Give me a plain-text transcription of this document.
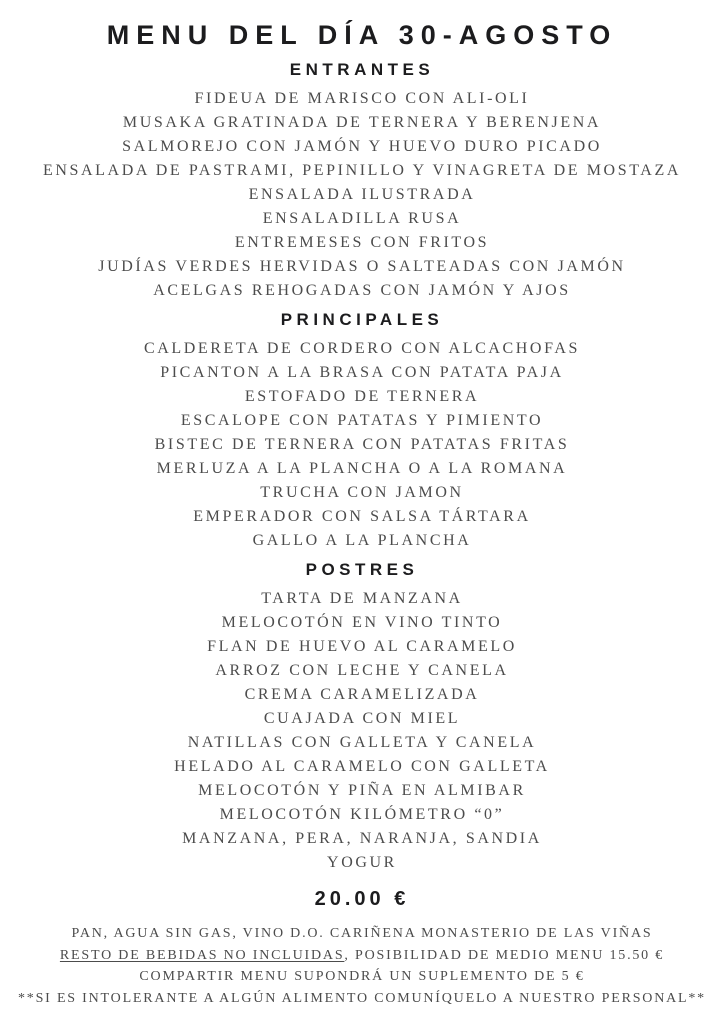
MENU DEL DÍA 30-AGOSTO
ENTRANTES
FIDEUA DE MARISCO CON ALI-OLI
MUSAKA GRATINADA DE TERNERA Y BERENJENA
SALMOREJO CON JAMÓN Y HUEVO DURO PICADO
ENSALADA DE PASTRAMI, PEPINILLO Y VINAGRETA DE MOSTAZA
ENSALADA ILUSTRADA
ENSALADILLA RUSA
ENTREMESES CON FRITOS
JUDÍAS VERDES HERVIDAS O SALTEADAS CON JAMÓN
ACELGAS REHOGADAS CON JAMÓN Y AJOS
PRINCIPALES
CALDERETA DE CORDERO CON ALCACHOFAS
PICANTON A LA BRASA CON PATATA PAJA
ESTOFADO DE TERNERA
ESCALOPE CON PATATAS Y PIMIENTO
BISTEC DE TERNERA CON PATATAS FRITAS
MERLUZA A LA PLANCHA O A LA ROMANA
TRUCHA CON JAMON
EMPERADOR CON SALSA TÁRTARA
GALLO A LA PLANCHA
POSTRES
TARTA DE MANZANA
MELOCOTÓN EN VINO TINTO
FLAN DE HUEVO AL CARAMELO
ARROZ CON LECHE Y CANELA
CREMA CARAMELIZADA
CUAJADA CON MIEL
NATILLAS CON GALLETA Y CANELA
HELADO AL CARAMELO CON GALLETA
MELOCOTÓN Y PIÑA EN ALMIBAR
MELOCOTÓN KILÓMETRO “0”
MANZANA, PERA, NARANJA, SANDIA
YOGUR
20.00 €
PAN, AGUA SIN GAS, VINO D.O. CARIÑENA MONASTERIO DE LAS VIÑAS
RESTO DE BEBIDAS NO INCLUIDAS, POSIBILIDAD DE MEDIO MENU 15.50 €
COMPARTIR MENU SUPONDRÁ UN SUPLEMENTO DE 5 €
**SI ES INTOLERANTE A ALGÚN ALIMENTO COMUNÍQUELO A NUESTRO PERSONAL**
